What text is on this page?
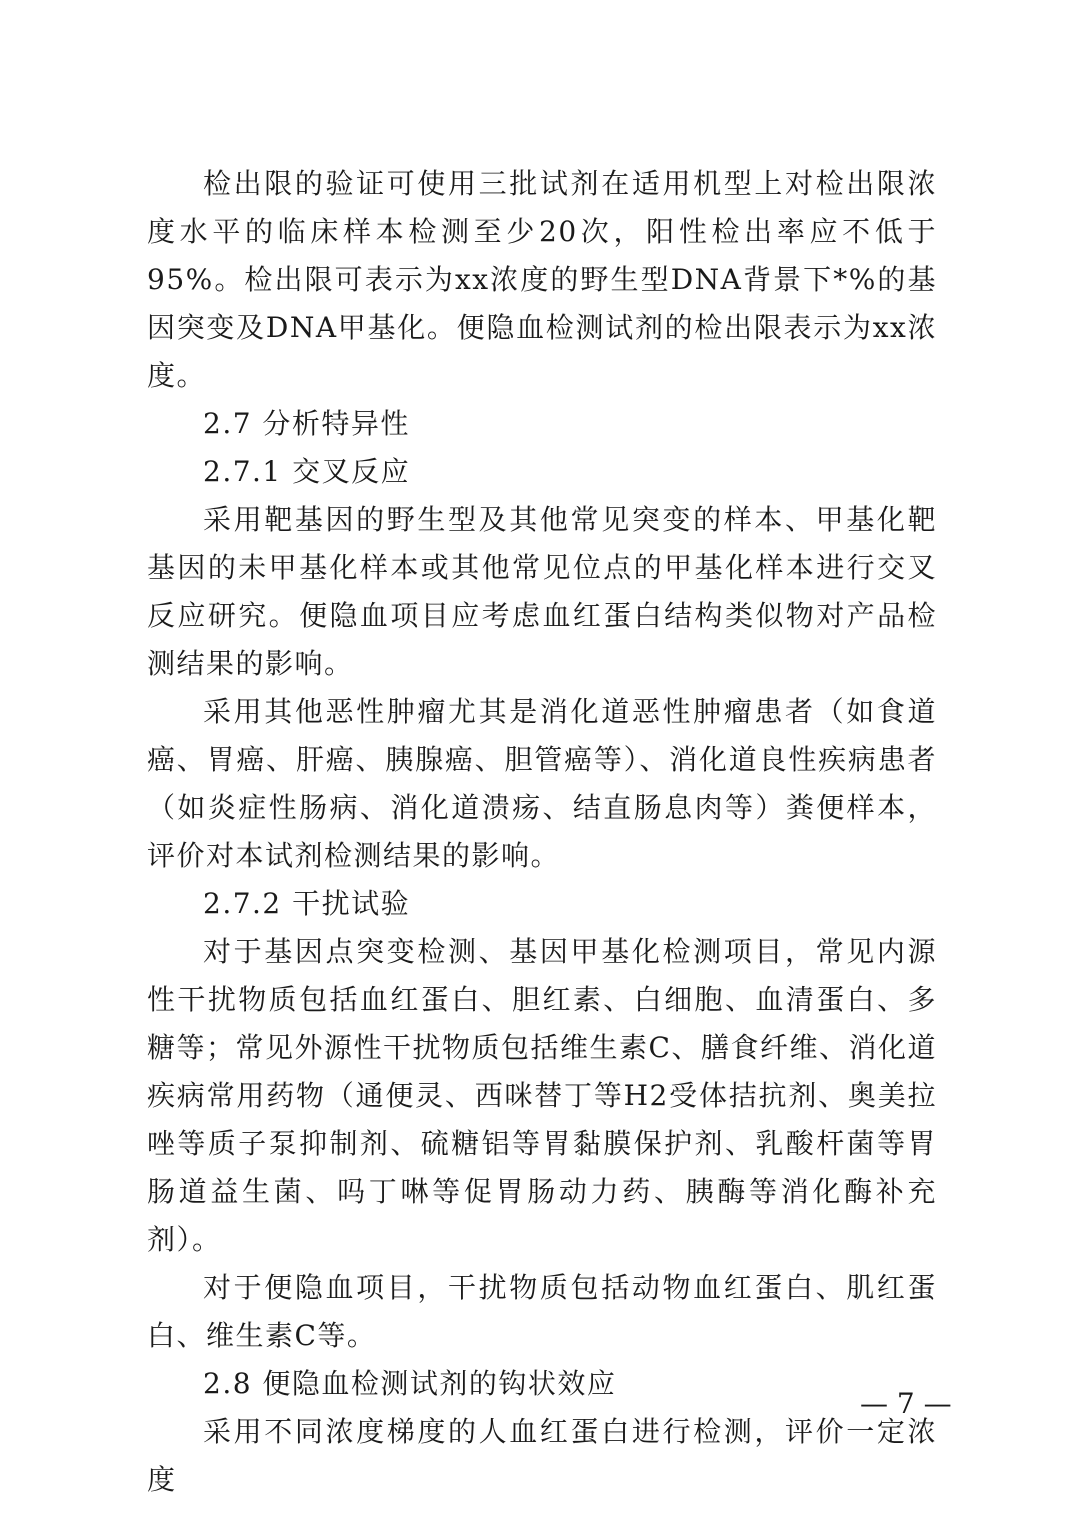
检出限的验证可使用三批试剂在适用机型上对检出限浓度水平的临床样本检测至少20次，阳性检出率应不低于95%。检出限可表示为xx浓度的野生型DNA背景下*%的基因突变及DNA甲基化。便隐血检测试剂的检出限表示为xx浓度。

2.7 分析特异性

2.7.1 交叉反应

采用靶基因的野生型及其他常见突变的样本、甲基化靶基因的未甲基化样本或其他常见位点的甲基化样本进行交叉反应研究。便隐血项目应考虑血红蛋白结构类似物对产品检测结果的影响。

采用其他恶性肿瘤尤其是消化道恶性肿瘤患者（如食道癌、胃癌、肝癌、胰腺癌、胆管癌等）、消化道良性疾病患者（如炎症性肠病、消化道溃疡、结直肠息肉等）粪便样本，评价对本试剂检测结果的影响。

2.7.2 干扰试验

对于基因点突变检测、基因甲基化检测项目，常见内源性干扰物质包括血红蛋白、胆红素、白细胞、血清蛋白、多糖等；常见外源性干扰物质包括维生素C、膳食纤维、消化道疾病常用药物（通便灵、西咪替丁等H2受体拮抗剂、奥美拉唑等质子泵抑制剂、硫糖铝等胃黏膜保护剂、乳酸杆菌等胃肠道益生菌、吗丁啉等促胃肠动力药、胰酶等消化酶补充剂）。

对于便隐血项目，干扰物质包括动物血红蛋白、肌红蛋白、维生素C等。

2.8 便隐血检测试剂的钩状效应

采用不同浓度梯度的人血红蛋白进行检测，评价一定浓度

— 7 —
